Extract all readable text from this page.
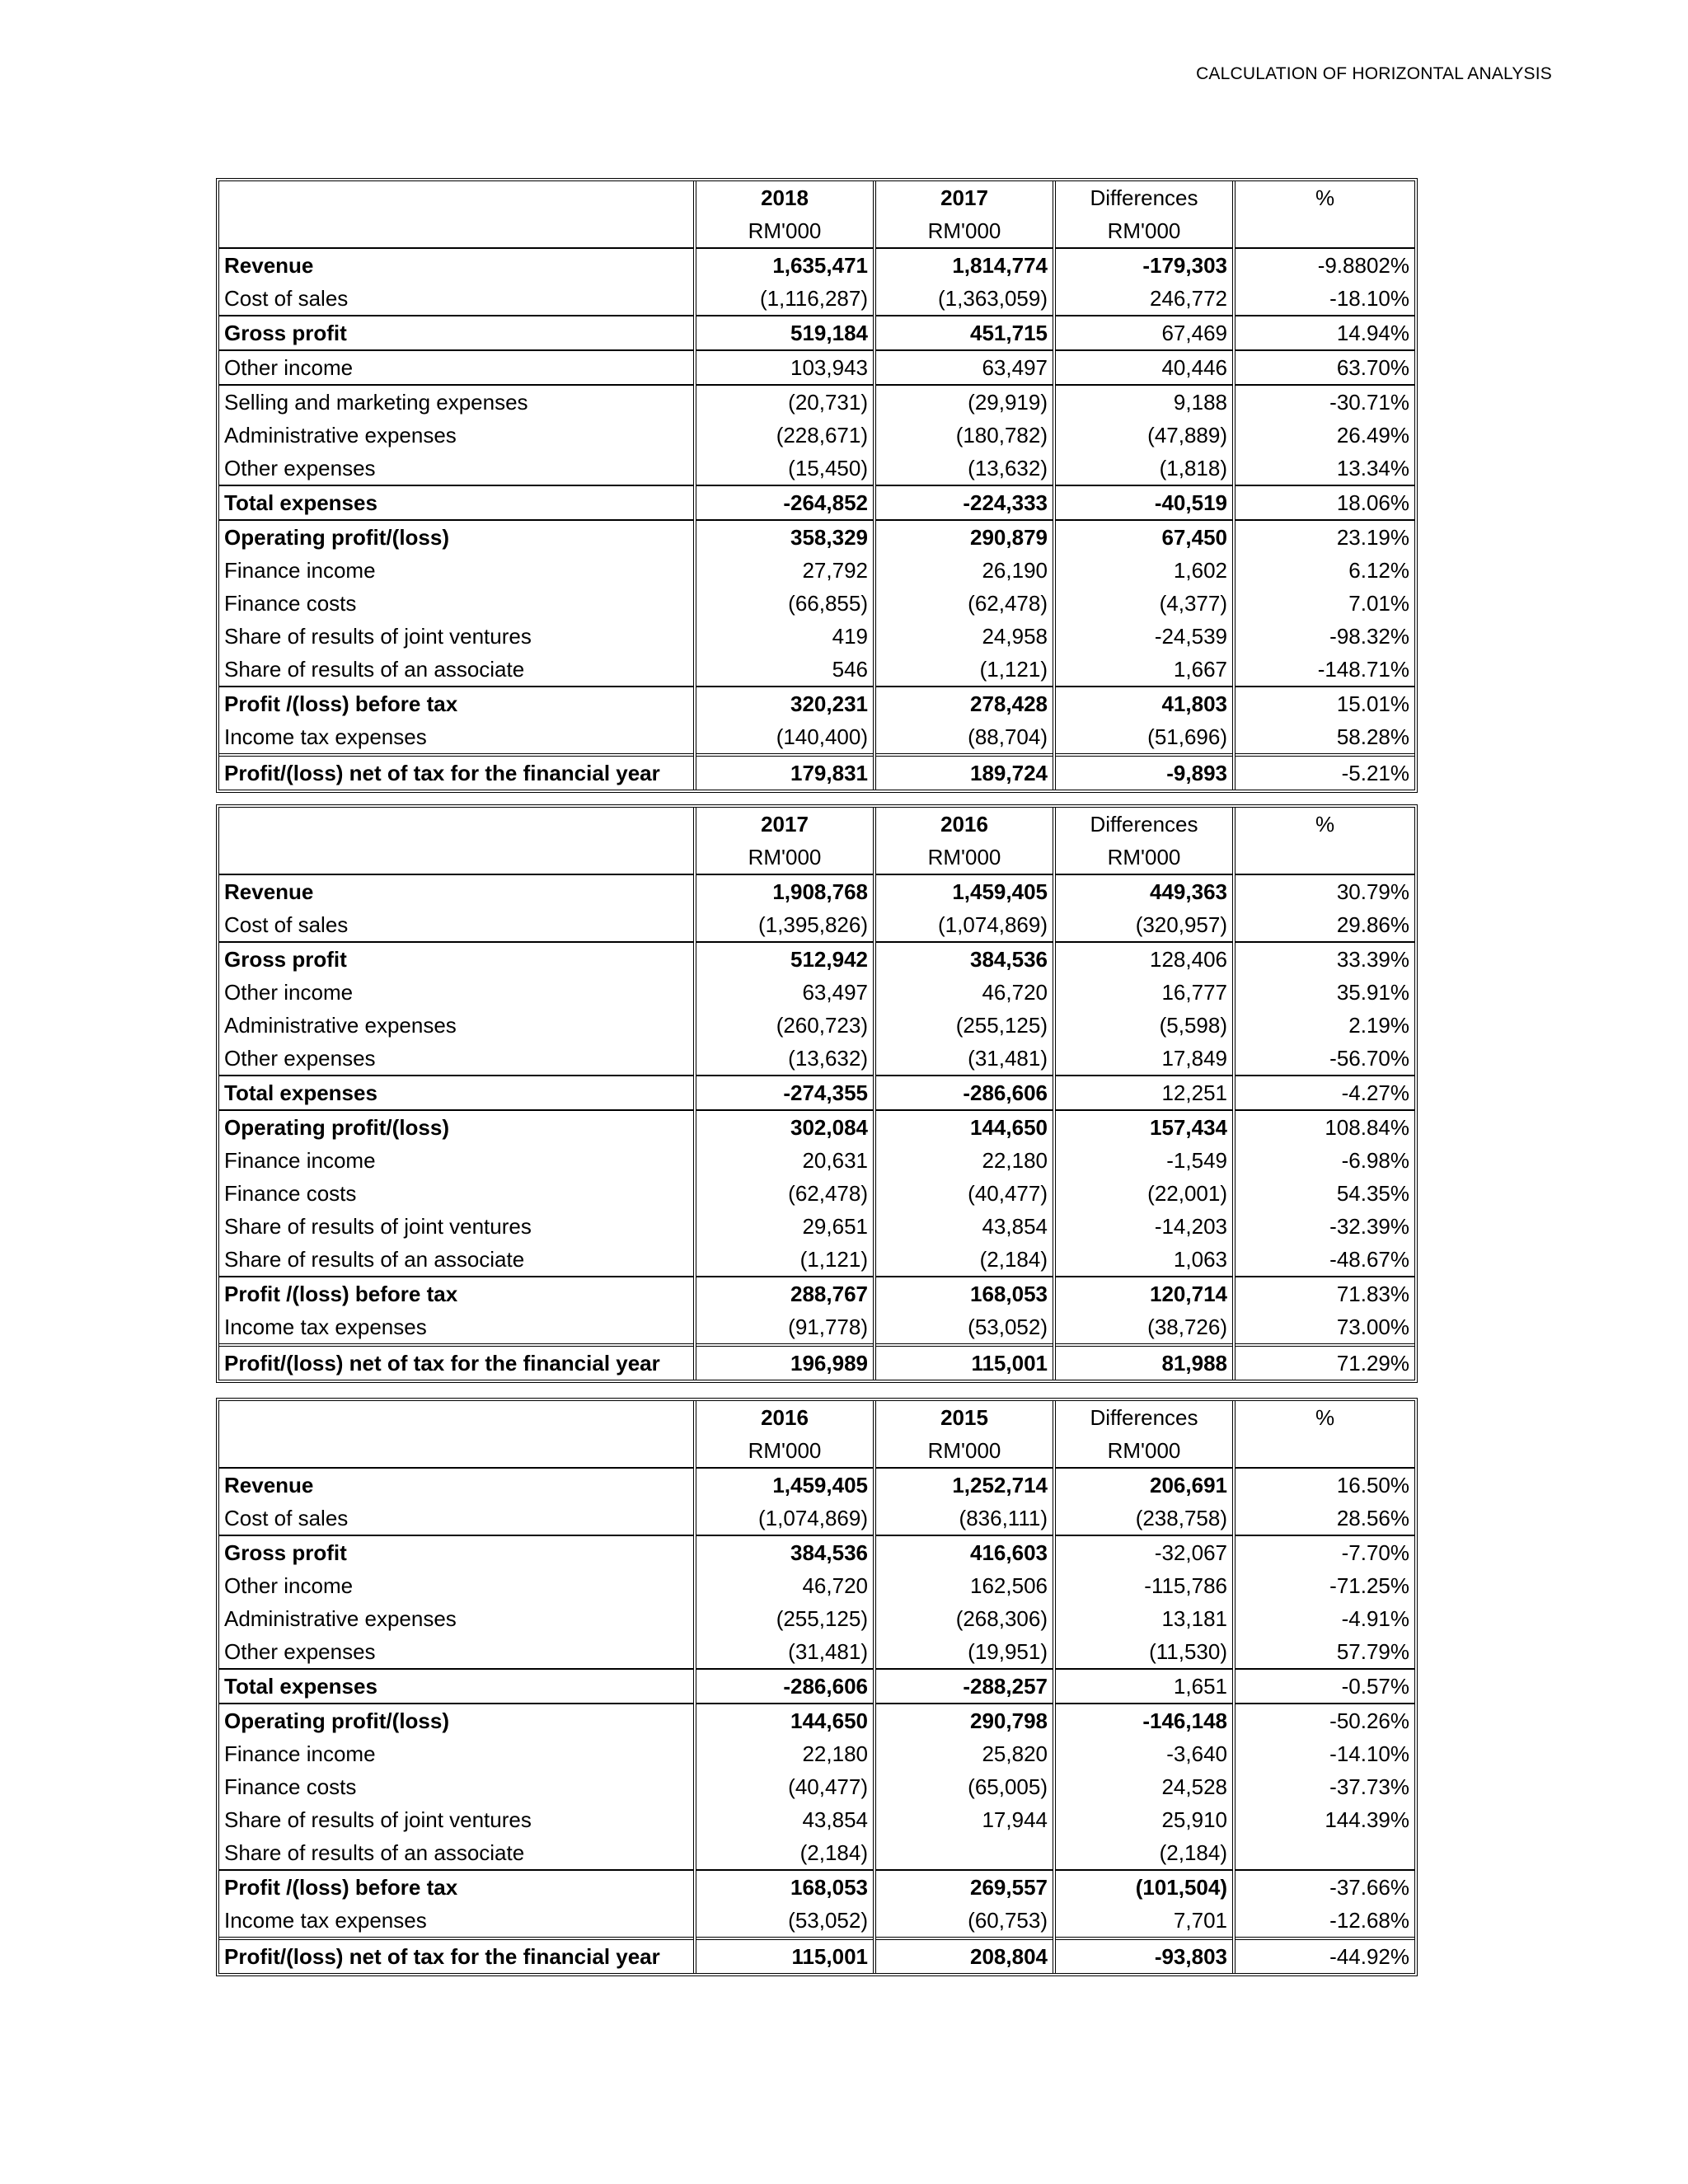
CALCULATION OF HORIZONTAL ANALYSIS
	2018	2017	Differences	%
	RM'000	RM'000	RM'000	
Revenue	1,635,471	1,814,774	-179,303	-9.8802%
Cost of sales	(1,116,287)	(1,363,059)	246,772	-18.10%
Gross profit	519,184	451,715	67,469	14.94%
Other income	103,943	63,497	40,446	63.70%
Selling and marketing expenses	(20,731)	(29,919)	9,188	-30.71%
Administrative expenses	(228,671)	(180,782)	(47,889)	26.49%
Other expenses	(15,450)	(13,632)	(1,818)	13.34%
Total expenses	-264,852	-224,333	-40,519	18.06%
Operating profit/(loss)	358,329	290,879	67,450	23.19%
Finance income	27,792	26,190	1,602	6.12%
Finance costs	(66,855)	(62,478)	(4,377)	7.01%
Share of results of joint ventures	419	24,958	-24,539	-98.32%
Share of results of an associate	546	(1,121)	1,667	-148.71%
Profit /(loss) before tax	320,231	278,428	41,803	15.01%
Income tax expenses	(140,400)	(88,704)	(51,696)	58.28%
Profit/(loss) net of tax for the financial year	179,831	189,724	-9,893	-5.21%
	2017	2016	Differences	%
	RM'000	RM'000	RM'000	
Revenue	1,908,768	1,459,405	449,363	30.79%
Cost of sales	(1,395,826)	(1,074,869)	(320,957)	29.86%
Gross profit	512,942	384,536	128,406	33.39%
Other income	63,497	46,720	16,777	35.91%
Administrative expenses	(260,723)	(255,125)	(5,598)	2.19%
Other expenses	(13,632)	(31,481)	17,849	-56.70%
Total expenses	-274,355	-286,606	12,251	-4.27%
Operating profit/(loss)	302,084	144,650	157,434	108.84%
Finance income	20,631	22,180	-1,549	-6.98%
Finance costs	(62,478)	(40,477)	(22,001)	54.35%
Share of results of joint ventures	29,651	43,854	-14,203	-32.39%
Share of results of an associate	(1,121)	(2,184)	1,063	-48.67%
Profit /(loss) before tax	288,767	168,053	120,714	71.83%
Income tax expenses	(91,778)	(53,052)	(38,726)	73.00%
Profit/(loss) net of tax for the financial year	196,989	115,001	81,988	71.29%
	2016	2015	Differences	%
	RM'000	RM'000	RM'000	
Revenue	1,459,405	1,252,714	206,691	16.50%
Cost of sales	(1,074,869)	(836,111)	(238,758)	28.56%
Gross profit	384,536	416,603	-32,067	-7.70%
Other income	46,720	162,506	-115,786	-71.25%
Administrative expenses	(255,125)	(268,306)	13,181	-4.91%
Other expenses	(31,481)	(19,951)	(11,530)	57.79%
Total expenses	-286,606	-288,257	1,651	-0.57%
Operating profit/(loss)	144,650	290,798	-146,148	-50.26%
Finance income	22,180	25,820	-3,640	-14.10%
Finance costs	(40,477)	(65,005)	24,528	-37.73%
Share of results of joint ventures	43,854	17,944	25,910	144.39%
Share of results of an associate	(2,184)		(2,184)	
Profit /(loss) before tax	168,053	269,557	(101,504)	-37.66%
Income tax expenses	(53,052)	(60,753)	7,701	-12.68%
Profit/(loss) net of tax for the financial year	115,001	208,804	-93,803	-44.92%
